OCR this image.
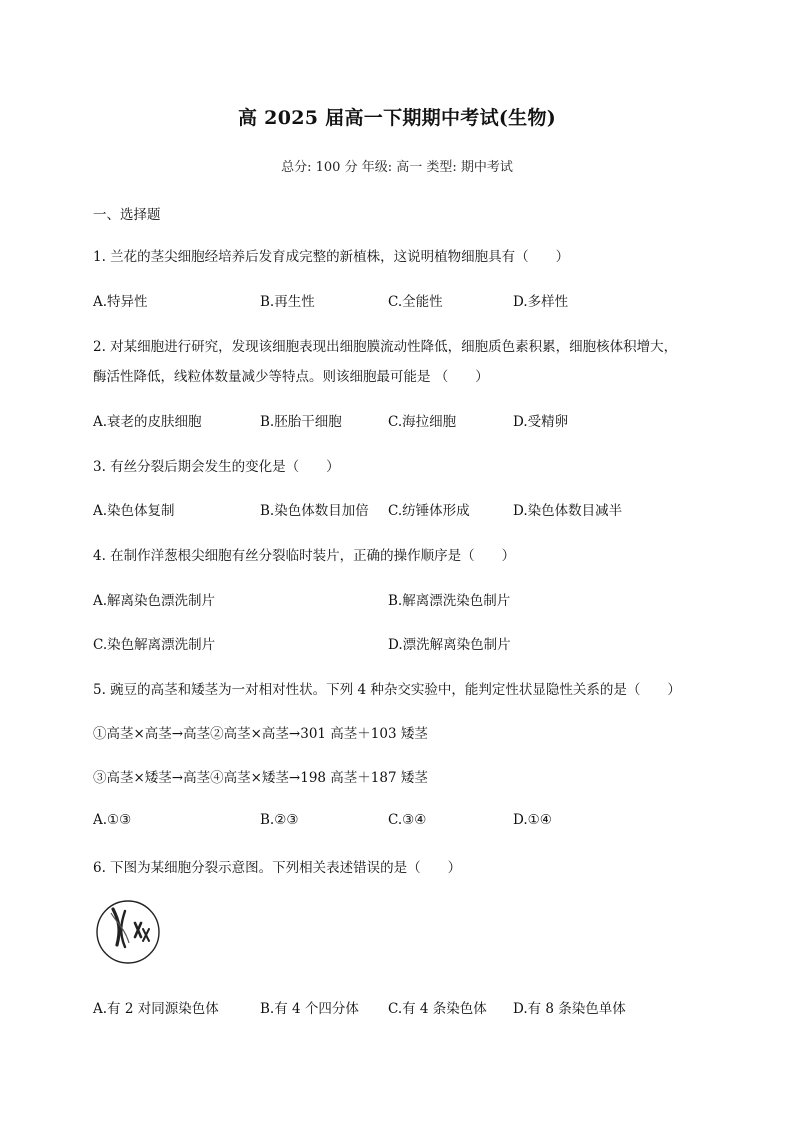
高 2025 届高一下期期中考试(生物)
总分: 100 分 年级: 高一 类型: 期中考试
一、选择题
1. 兰花的茎尖细胞经培养后发育成完整的新植株，这说明植物细胞具有（　　）
A.特异性	B.再生性	C.全能性	D.多样性
2. 对某细胞进行研究，发现该细胞表现出细胞膜流动性降低，细胞质色素积累，细胞核体积增大，
酶活性降低，线粒体数量减少等特点。则该细胞最可能是 （　　）
A.衰老的皮肤细胞	B.胚胎干细胞	C.海拉细胞	D.受精卵
3. 有丝分裂后期会发生的变化是（　　）
A.染色体复制	B.染色体数目加倍 C.纺锤体形成	D.染色体数目减半
4. 在制作洋葱根尖细胞有丝分裂临时装片，正确的操作顺序是（　　）
A.解离染色漂洗制片	B.解离漂洗染色制片
C.染色解离漂洗制片	D.漂洗解离染色制片
5. 豌豆的高茎和矮茎为一对相对性状。下列 4 种杂交实验中，能判定性状显隐性关系的是（　　）
①高茎×高茎→高茎②高茎×高茎→301 高茎＋103 矮茎
③高茎×矮茎→高茎④高茎×矮茎→198 高茎＋187 矮茎
A.①③	B.②③	C.③④	D.①④
6. 下图为某细胞分裂示意图。下列相关表述错误的是（　　）
A.有 2 对同源染色体	B.有 4 个四分体 C.有 4 条染色体 D.有 8 条染色单体
